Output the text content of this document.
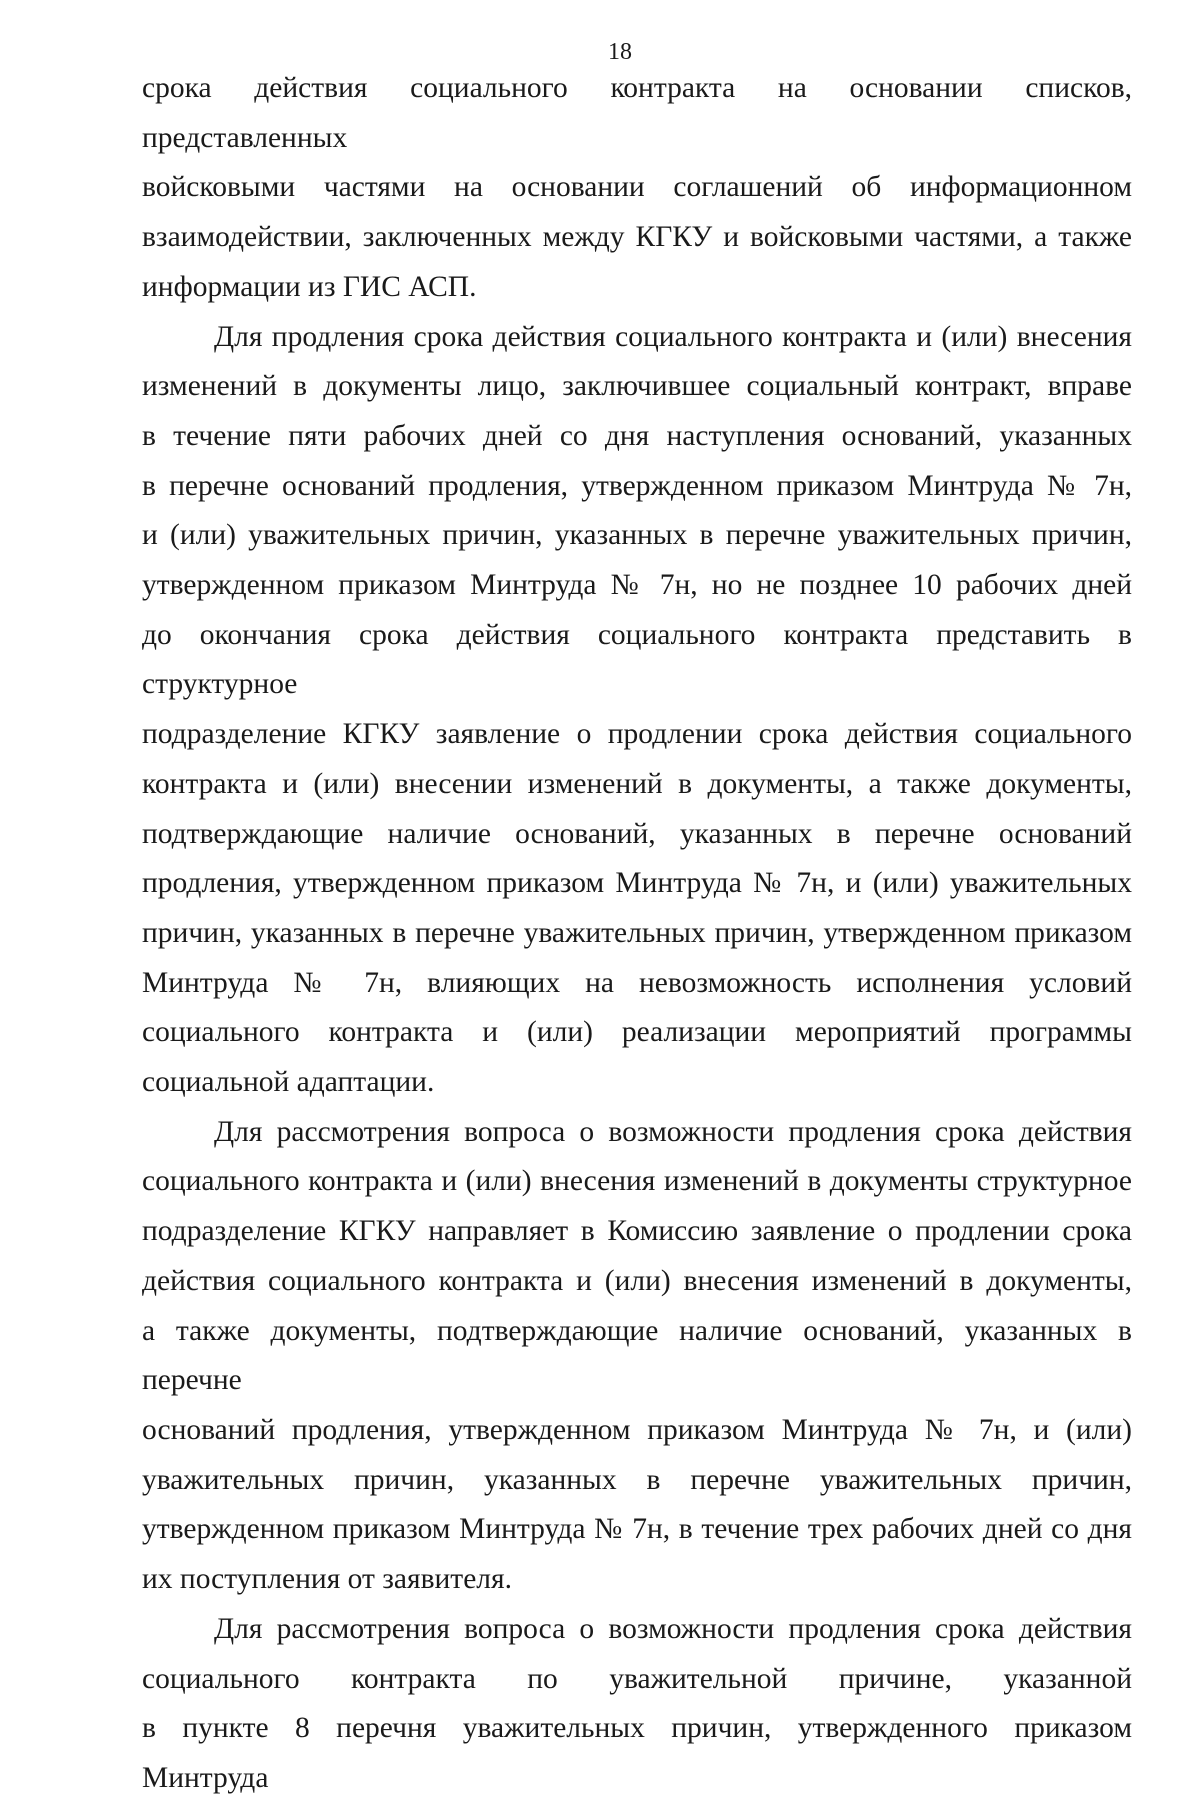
18
срока действия социального контракта на основании списков, представленных
войсковыми частями на основании соглашений об информационном
взаимодействии, заключенных между КГКУ и войсковыми частями, а также
информации из ГИС АСП.
Для продления срока действия социального контракта и (или) внесения
изменений в документы лицо, заключившее социальный контракт, вправе
в течение пяти рабочих дней со дня наступления оснований, указанных
в перечне оснований продления, утвержденном приказом Минтруда № 7н,
и (или) уважительных причин, указанных в перечне уважительных причин,
утвержденном приказом Минтруда № 7н, но не позднее 10 рабочих дней
до окончания срока действия социального контракта представить в структурное
подразделение КГКУ заявление о продлении срока действия социального
контракта и (или) внесении изменений в документы, а также документы,
подтверждающие наличие оснований, указанных в перечне оснований
продления, утвержденном приказом Минтруда № 7н, и (или) уважительных
причин, указанных в перечне уважительных причин, утвержденном приказом
Минтруда № 7н, влияющих на невозможность исполнения условий
социального контракта и (или) реализации мероприятий программы
социальной адаптации.
Для рассмотрения вопроса о возможности продления срока действия
социального контракта и (или) внесения изменений в документы структурное
подразделение КГКУ направляет в Комиссию заявление о продлении срока
действия социального контракта и (или) внесения изменений в документы,
а также документы, подтверждающие наличие оснований, указанных в перечне
оснований продления, утвержденном приказом Минтруда № 7н, и (или)
уважительных причин, указанных в перечне уважительных причин,
утвержденном приказом Минтруда № 7н, в течение трех рабочих дней со дня
их поступления от заявителя.
Для рассмотрения вопроса о возможности продления срока действия
социального контракта по уважительной причине, указанной
в пункте 8 перечня уважительных причин, утвержденного приказом Минтруда
